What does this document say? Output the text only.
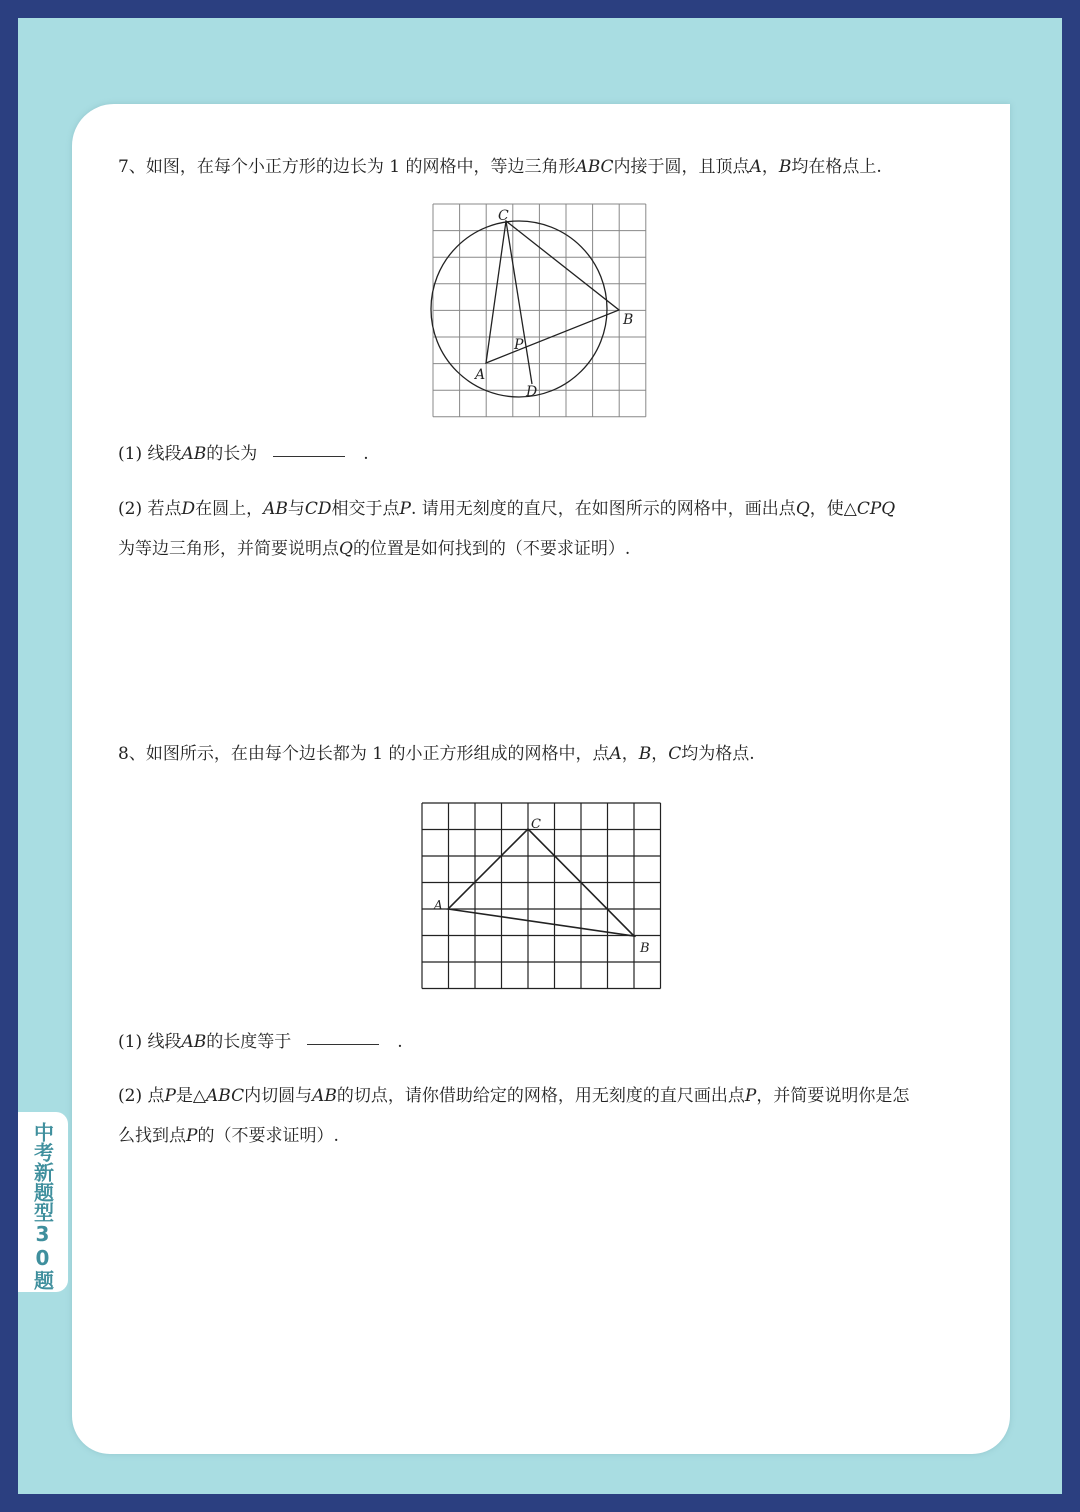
中考新题型30题
7、如图，在每个小正方形的边长为 1 的网格中，等边三角形ABC内接于圆，且顶点A，B均在格点上.
C
B
P
A
D
(1) 线段AB的长为	.
(2) 若点D在圆上，AB与CD相交于点P. 请用无刻度的直尺，在如图所示的网格中，画出点Q，使△CPQ
为等边三角形，并简要说明点Q的位置是如何找到的（不要求证明）.
8、如图所示，在由每个边长都为 1 的小正方形组成的网格中，点A，B，C均为格点.
C
A
B
(1) 线段AB的长度等于	.
(2) 点P是△ABC内切圆与AB的切点，请你借助给定的网格，用无刻度的直尺画出点P，并简要说明你是怎
么找到点P的（不要求证明）.
